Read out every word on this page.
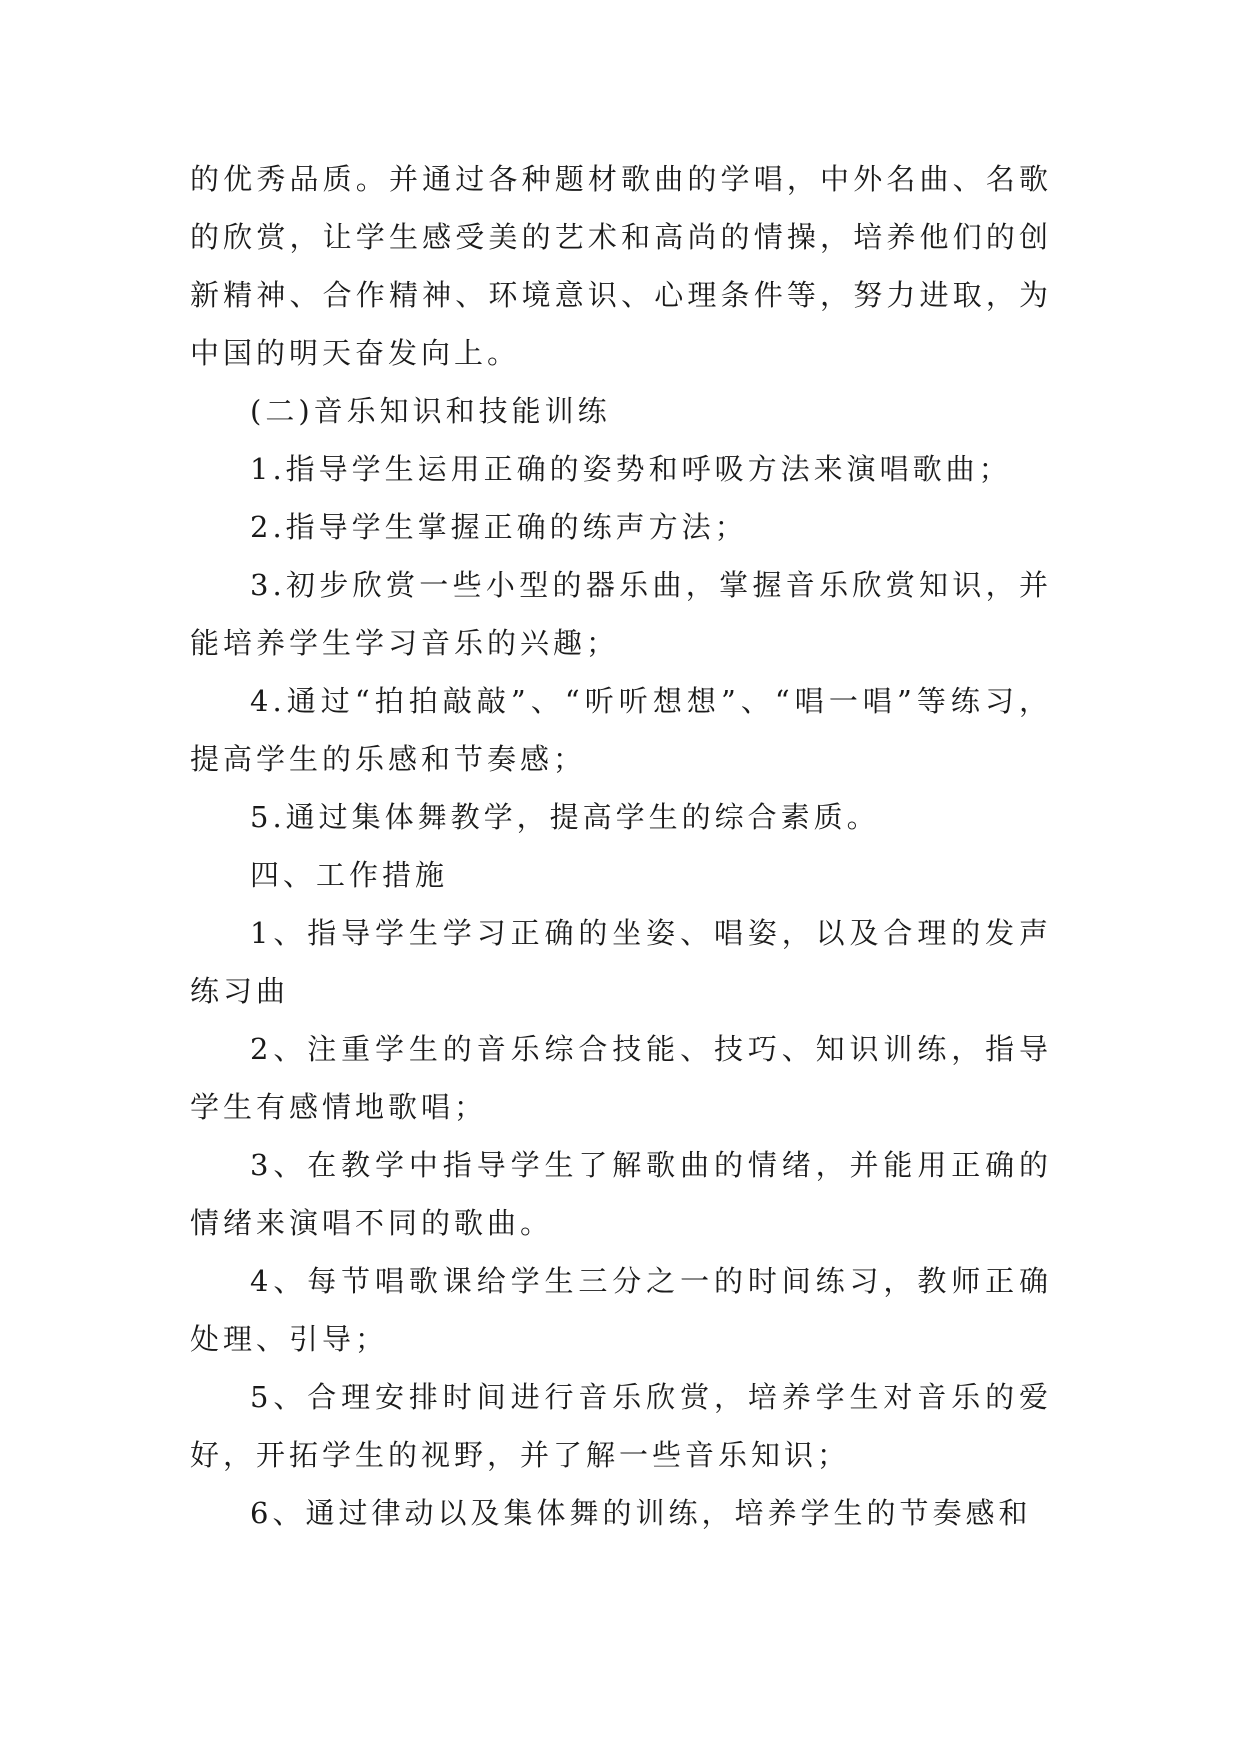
的优秀品质。并通过各种题材歌曲的学唱，中外名曲、名歌的欣赏，让学生感受美的艺术和高尚的情操，培养他们的创新精神、合作精神、环境意识、心理条件等，努力进取，为中国的明天奋发向上。

(二)音乐知识和技能训练

1.指导学生运用正确的姿势和呼吸方法来演唱歌曲；

2.指导学生掌握正确的练声方法；

3.初步欣赏一些小型的器乐曲，掌握音乐欣赏知识，并能培养学生学习音乐的兴趣；

4.通过“拍拍敲敲”、“听听想想”、“唱一唱”等练习，提高学生的乐感和节奏感；

5.通过集体舞教学，提高学生的综合素质。

四、工作措施

1、指导学生学习正确的坐姿、唱姿，以及合理的发声练习曲

2、注重学生的音乐综合技能、技巧、知识训练，指导学生有感情地歌唱；

3、在教学中指导学生了解歌曲的情绪，并能用正确的情绪来演唱不同的歌曲。

4、每节唱歌课给学生三分之一的时间练习，教师正确处理、引导；

5、合理安排时间进行音乐欣赏，培养学生对音乐的爱好，开拓学生的视野，并了解一些音乐知识；

6、通过律动以及集体舞的训练，培养学生的节奏感和
